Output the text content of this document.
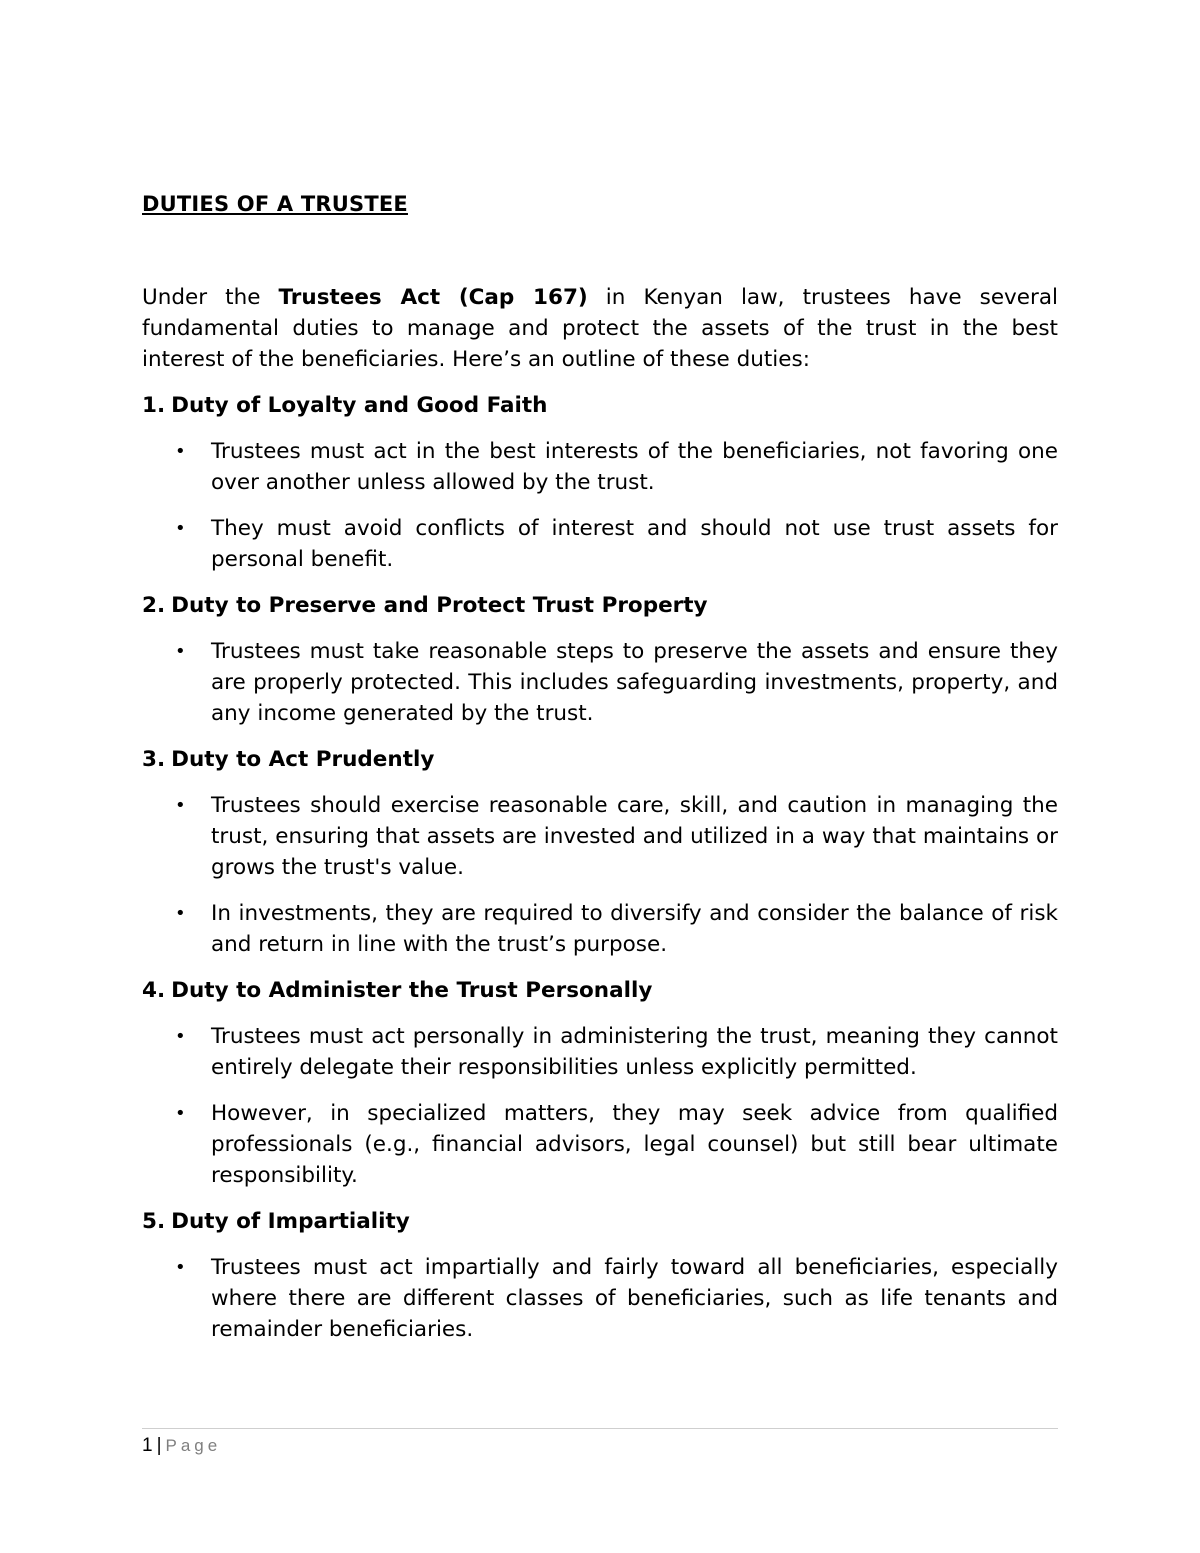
DUTIES OF A TRUSTEE

Under the Trustees Act (Cap 167) in Kenyan law, trustees have several fundamental duties to manage and protect the assets of the trust in the best interest of the beneficiaries. Here’s an outline of these duties:

1. Duty of Loyalty and Good Faith

• Trustees must act in the best interests of the beneficiaries, not favoring one over another unless allowed by the trust.
• They must avoid conflicts of interest and should not use trust assets for personal benefit.

2. Duty to Preserve and Protect Trust Property

• Trustees must take reasonable steps to preserve the assets and ensure they are properly protected. This includes safeguarding investments, property, and any income generated by the trust.

3. Duty to Act Prudently

• Trustees should exercise reasonable care, skill, and caution in managing the trust, ensuring that assets are invested and utilized in a way that maintains or grows the trust's value.
• In investments, they are required to diversify and consider the balance of risk and return in line with the trust’s purpose.

4. Duty to Administer the Trust Personally

• Trustees must act personally in administering the trust, meaning they cannot entirely delegate their responsibilities unless explicitly permitted.
• However, in specialized matters, they may seek advice from qualified professionals (e.g., financial advisors, legal counsel) but still bear ultimate responsibility.

5. Duty of Impartiality

• Trustees must act impartially and fairly toward all beneficiaries, especially where there are different classes of beneficiaries, such as life tenants and remainder beneficiaries.
1 | Page
